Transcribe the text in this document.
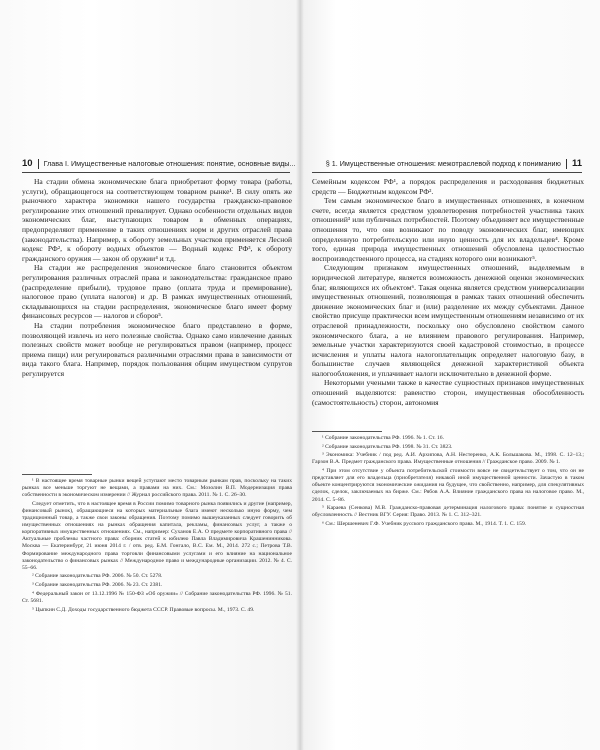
10 Глава I. Имущественные налоговые отношения: понятие, основные виды...

На стадии обмена экономические блага приобретают форму товара (работы, услуги), обращающегося на соответствующем товарном рынке¹. В силу опять же рыночного характера экономики нашего государства гражданско-правовое регулирование этих отношений превалирует. Однако особенности отдельных видов экономических благ, выступающих товаром в обменных операциях, предопределяют применение в таких отношениях норм и других отраслей права (законодательства). Например, к обороту земельных участков применяется Лесной кодекс РФ², к обороту водных объектов — Водный кодекс РФ³, к обороту гражданского оружия — закон об оружии⁴ и т.д.

На стадии же распределения экономическое благо становится объектом регулирования различных отраслей права и законодательства: гражданское право (распределение прибыли), трудовое право (оплата труда и премирование), налоговое право (уплата налогов) и др. В рамках имущественных отношений, складывающихся на стадии распределения, экономическое благо имеет форму финансовых ресурсов — налогов и сборов⁵.

На стадии потребления экономическое благо представлено в форме, позволяющей извлечь из него полезные свойства. Однако само извлечение данных полезных свойств может вообще не регулироваться правом (например, процесс приема пищи) или регулироваться различными отраслями права в зависимости от вида такого блага. Например, порядок пользования общим имуществом супругов регулируется

¹ В настоящее время товарные рынки вещей уступают место товарным рынкам прав, поскольку на таких рынках все меньше торгуют не вещами, а правами на них. См.: Мозолин В.П. Модернизация права собственности в экономическом измерении // Журнал российского права. 2011. № 1. С. 26–30.

Следует отметить, что в настоящее время в России помимо товарного рынка появились и другие (например, финансовый рынок), обращающиеся на которых материальные блага имеют несколько иную форму, чем традиционный товар, а также свои законы обращения. Поэтому помимо вышеуказанных следует говорить об имущественных отношениях на рынках обращения капитала, рекламы, финансовых услуг, а также о корпоративных имущественных отношениях. См., например: Суханов Е.А. О предмете корпоративного права // Актуальные проблемы частного права: сборник статей к юбилею Павла Владимировича Крашенинникова. Москва — Екатеринбург, 21 июня 2014 г. / отв. ред. Б.М. Гонгало, В.С. Ем. М., 2014. 272 с.; Петрова Т.В. Формирование международного права торговли финансовыми услугами и его влияние на национальное законодательство о финансовых рынках // Международное право и международные организации. 2012. № 4. С. 55–66.

² Собрание законодательства РФ. 2006. № 50. Ст. 5278.

³ Собрание законодательства РФ. 2006. № 23. Ст. 2381.

⁴ Федеральный закон от 13.12.1996 № 150-ФЗ «Об оружии» // Собрание законодательства РФ. 1996. № 51. Ст. 5681.

⁵ Цыпкин С.Д. Доходы государственного бюджета СССР. Правовые вопросы. М., 1973. С. 49.

§ 1. Имущественные отношения: межотраслевой подход к пониманию 11

Семейным кодексом РФ¹, а порядок распределения и расходования бюджетных средств — Бюджетным кодексом РФ².

Тем самым экономическое благо в имущественных отношениях, в конечном счете, всегда является средством удовлетворения потребностей участника таких отношений³ или публичных потребностей. Поэтому объединяет все имущественные отношения то, что они возникают по поводу экономических благ, имеющих определенную потребительскую или иную ценность для их владельцев⁴. Кроме того, единая природа имущественных отношений обусловлена целостностью воспроизводственного процесса, на стадиях которого они возникают⁵.

Следующим признаком имущественных отношений, выделяемым в юридической литературе, является возможность денежной оценки экономических благ, являющихся их объектом⁶. Такая оценка является средством универсализации имущественных отношений, позволяющая в рамках таких отношений обеспечить движение экономических благ и (или) разделение их между субъектами. Данное свойство присуще практически всем имущественным отношениям независимо от их отраслевой принадлежности, поскольку оно обусловлено свойством самого экономического блага, а не влиянием правового регулирования. Например, земельные участки характеризуются своей кадастровой стоимостью, в процессе исчисления и уплаты налога налогоплательщик определяет налоговую базу, в большинстве случаев являющейся денежной характеристикой объекта налогообложения, и уплачивает налоги исключительно в денежной форме.

Некоторыми учеными также в качестве сущностных признаков имущественных отношений выделяются: равенство сторон, имущественная обособленность (самостоятельность) сторон, автономия

¹ Собрание законодательства РФ. 1996. № 1. Ст. 16.

² Собрание законодательства РФ. 1998. № 31. Ст. 3823.

³ Экономика: Учебник / под ред. А.И. Архипова, А.Н. Нестеренко, А.К. Большакова. М., 1998. С. 12–13.; Гарзон В.А. Предмет гражданского права. Имущественные отношения // Гражданское право. 2009. № 1.

⁴ При этом отсутствие у объекта потребительской стоимости вовсе не свидетельствует о том, что он не представляет для его владельца (приобретателя) никакой иной имущественной ценности. Зачастую в таком объекте концентрируются экономические ожидания на будущее, что свойственно, например, для спекулятивных сделок, сделок, заключаемых на бирже. См.: Рябов А.А. Влияние гражданского права на налоговое право. М., 2014. С. 5–86.

⁵ Караева (Сенкова) М.В. Гражданско-правовая детерминация налогового права: понятие и сущностная обусловленность // Вестник ВГУ. Серия: Право. 2013. № 1. С. 312–321.

⁶ См.: Шершеневич Г.Ф. Учебник русского гражданского права. М., 1914. Т. 1. С. 159.
